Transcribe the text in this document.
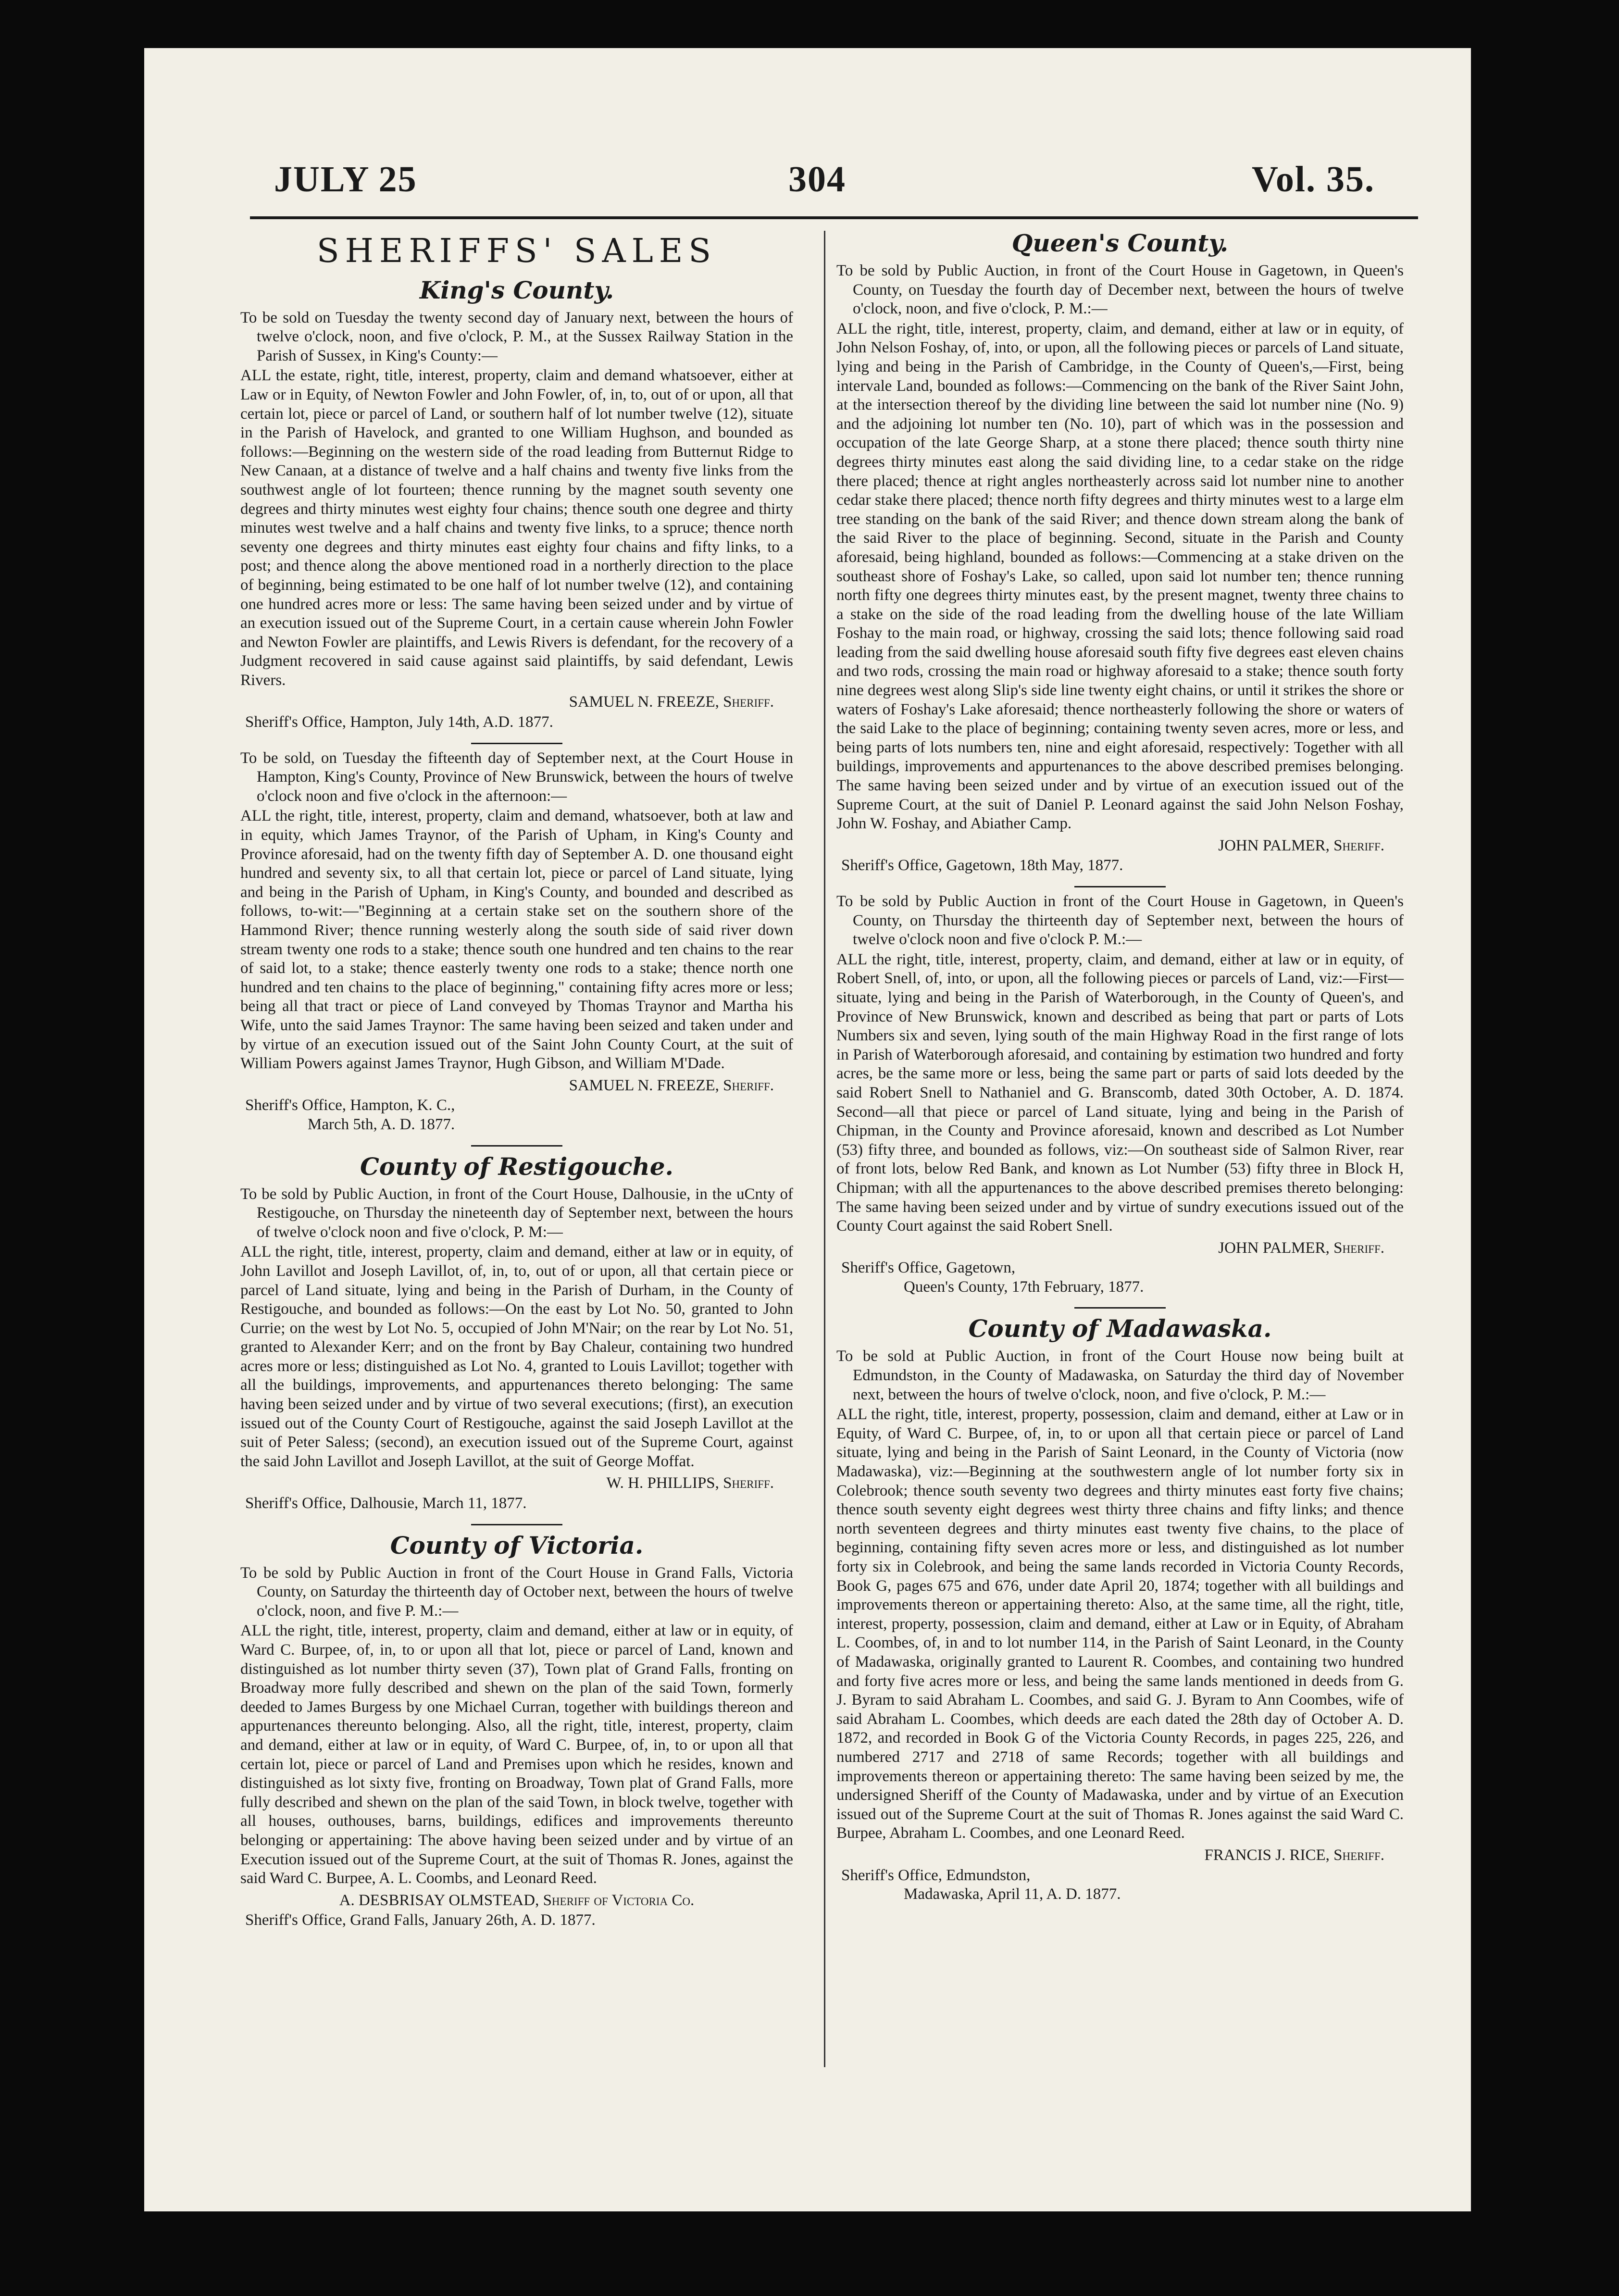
JULY 25	304	Vol. 35.
SHERIFFS' SALES
King's County.

To be sold on Tuesday the twenty second day of January next, between the hours of twelve o'clock, noon, and five o'clock, P. M., at the Sussex Railway Station in the Parish of Sussex, in King's County:—

ALL the estate, right, title, interest, property, claim and demand whatsoever, either at Law or in Equity, of Newton Fowler and John Fowler, of, in, to, out of or upon, all that certain lot, piece or parcel of Land, or southern half of lot number twelve (12), situate in the Parish of Havelock, and granted to one William Hughson, and bounded as follows:—Beginning on the western side of the road leading from Butternut Ridge to New Canaan, at a distance of twelve and a half chains and twenty five links from the southwest angle of lot fourteen; thence running by the magnet south seventy one degrees and thirty minutes west eighty four chains; thence south one degree and thirty minutes west twelve and a half chains and twenty five links, to a spruce; thence north seventy one degrees and thirty minutes east eighty four chains and fifty links, to a post; and thence along the above mentioned road in a northerly direction to the place of beginning, being estimated to be one half of lot number twelve (12), and containing one hundred acres more or less: The same having been seized under and by virtue of an execution issued out of the Supreme Court, in a certain cause wherein John Fowler and Newton Fowler are plaintiffs, and Lewis Rivers is defendant, for the recovery of a Judgment recovered in said cause against said plaintiffs, by said defendant, Lewis Rivers.

SAMUEL N. FREEZE, Sheriff.

Sheriff's Office, Hampton, July 14th, A.D. 1877.

To be sold, on Tuesday the fifteenth day of September next, at the Court House in Hampton, King's County, Province of New Brunswick, between the hours of twelve o'clock noon and five o'clock in the afternoon:—

ALL the right, title, interest, property, claim and demand, whatsoever, both at law and in equity, which James Traynor, of the Parish of Upham, in King's County and Province aforesaid, had on the twenty fifth day of September A. D. one thousand eight hundred and seventy six, to all that certain lot, piece or parcel of Land situate, lying and being in the Parish of Upham, in King's County, and bounded and described as follows, to-wit:—"Beginning at a certain stake set on the southern shore of the Hammond River; thence running westerly along the south side of said river down stream twenty one rods to a stake; thence south one hundred and ten chains to the rear of said lot, to a stake; thence easterly twenty one rods to a stake; thence north one hundred and ten chains to the place of beginning," containing fifty acres more or less; being all that tract or piece of Land conveyed by Thomas Traynor and Martha his Wife, unto the said James Traynor: The same having been seized and taken under and by virtue of an execution issued out of the Saint John County Court, at the suit of William Powers against James Traynor, Hugh Gibson, and William M'Dade.

SAMUEL N. FREEZE, Sheriff.

Sheriff's Office, Hampton, K. C.,
March 5th, A. D. 1877.

County of Restigouche.

To be sold by Public Auction, in front of the Court House, Dalhousie, in the uCnty of Restigouche, on Thursday the nineteenth day of September next, between the hours of twelve o'clock noon and five o'clock, P. M:—

ALL the right, title, interest, property, claim and demand, either at law or in equity, of John Lavillot and Joseph Lavillot, of, in, to, out of or upon, all that certain piece or parcel of Land situate, lying and being in the Parish of Durham, in the County of Restigouche, and bounded as follows:—On the east by Lot No. 50, granted to John Currie; on the west by Lot No. 5, occupied of John M'Nair; on the rear by Lot No. 51, granted to Alexander Kerr; and on the front by Bay Chaleur, containing two hundred acres more or less; distinguished as Lot No. 4, granted to Louis Lavillot; together with all the buildings, improvements, and appurtenances thereto belonging: The same having been seized under and by virtue of two several executions; (first), an execution issued out of the County Court of Restigouche, against the said Joseph Lavillot at the suit of Peter Saless; (second), an execution issued out of the Supreme Court, against the said John Lavillot and Joseph Lavillot, at the suit of George Moffat.

W. H. PHILLIPS, Sheriff.

Sheriff's Office, Dalhousie, March 11, 1877.

County of Victoria.

To be sold by Public Auction in front of the Court House in Grand Falls, Victoria County, on Saturday the thirteenth day of October next, between the hours of twelve o'clock, noon, and five P. M.:—

ALL the right, title, interest, property, claim and demand, either at law or in equity, of Ward C. Burpee, of, in, to or upon all that lot, piece or parcel of Land, known and distinguished as lot number thirty seven (37), Town plat of Grand Falls, fronting on Broadway more fully described and shewn on the plan of the said Town, formerly deeded to James Burgess by one Michael Curran, together with buildings thereon and appurtenances thereunto belonging. Also, all the right, title, interest, property, claim and demand, either at law or in equity, of Ward C. Burpee, of, in, to or upon all that certain lot, piece or parcel of Land and Premises upon which he resides, known and distinguished as lot sixty five, fronting on Broadway, Town plat of Grand Falls, more fully described and shewn on the plan of the said Town, in block twelve, together with all houses, outhouses, barns, buildings, edifices and improvements thereunto belonging or appertaining: The above having been seized under and by virtue of an Execution issued out of the Supreme Court, at the suit of Thomas R. Jones, against the said Ward C. Burpee, A. L. Coombs, and Leonard Reed.

A. DESBRISAY OLMSTEAD, Sheriff of Victoria Co.

Sheriff's Office, Grand Falls, January 26th, A. D. 1877.

Queen's County.

To be sold by Public Auction, in front of the Court House in Gagetown, in Queen's County, on Tuesday the fourth day of December next, between the hours of twelve o'clock, noon, and five o'clock, P. M.:—

ALL the right, title, interest, property, claim, and demand, either at law or in equity, of John Nelson Foshay, of, into, or upon, all the following pieces or parcels of Land situate, lying and being in the Parish of Cambridge, in the County of Queen's,—First, being intervale Land, bounded as follows:—Commencing on the bank of the River Saint John, at the intersection thereof by the dividing line between the said lot number nine (No. 9) and the adjoining lot number ten (No. 10), part of which was in the possession and occupation of the late George Sharp, at a stone there placed; thence south thirty nine degrees thirty minutes east along the said dividing line, to a cedar stake on the ridge there placed; thence at right angles northeasterly across said lot number nine to another cedar stake there placed; thence north fifty degrees and thirty minutes west to a large elm tree standing on the bank of the said River; and thence down stream along the bank of the said River to the place of beginning. Second, situate in the Parish and County aforesaid, being highland, bounded as follows:—Commencing at a stake driven on the southeast shore of Foshay's Lake, so called, upon said lot number ten; thence running north fifty one degrees thirty minutes east, by the present magnet, twenty three chains to a stake on the side of the road leading from the dwelling house of the late William Foshay to the main road, or highway, crossing the said lots; thence following said road leading from the said dwelling house aforesaid south fifty five degrees east eleven chains and two rods, crossing the main road or highway aforesaid to a stake; thence south forty nine degrees west along Slip's side line twenty eight chains, or until it strikes the shore or waters of Foshay's Lake aforesaid; thence northeasterly following the shore or waters of the said Lake to the place of beginning; containing twenty seven acres, more or less, and being parts of lots numbers ten, nine and eight aforesaid, respectively: Together with all buildings, improvements and appurtenances to the above described premises belonging. The same having been seized under and by virtue of an execution issued out of the Supreme Court, at the suit of Daniel P. Leonard against the said John Nelson Foshay, John W. Foshay, and Abiather Camp.

JOHN PALMER, Sheriff.

Sheriff's Office, Gagetown, 18th May, 1877.

To be sold by Public Auction in front of the Court House in Gagetown, in Queen's County, on Thursday the thirteenth day of September next, between the hours of twelve o'clock noon and five o'clock P. M.:—

ALL the right, title, interest, property, claim, and demand, either at law or in equity, of Robert Snell, of, into, or upon, all the following pieces or parcels of Land, viz:—First—situate, lying and being in the Parish of Waterborough, in the County of Queen's, and Province of New Brunswick, known and described as being that part or parts of Lots Numbers six and seven, lying south of the main Highway Road in the first range of lots in Parish of Waterborough aforesaid, and containing by estimation two hundred and forty acres, be the same more or less, being the same part or parts of said lots deeded by the said Robert Snell to Nathaniel and G. Branscomb, dated 30th October, A. D. 1874. Second—all that piece or parcel of Land situate, lying and being in the Parish of Chipman, in the County and Province aforesaid, known and described as Lot Number (53) fifty three, and bounded as follows, viz:—On southeast side of Salmon River, rear of front lots, below Red Bank, and known as Lot Number (53) fifty three in Block H, Chipman; with all the appurtenances to the above described premises thereto belonging: The same having been seized under and by virtue of sundry executions issued out of the County Court against the said Robert Snell.

JOHN PALMER, Sheriff.

Sheriff's Office, Gagetown,
Queen's County, 17th February, 1877.

County of Madawaska.

To be sold at Public Auction, in front of the Court House now being built at Edmundston, in the County of Madawaska, on Saturday the third day of November next, between the hours of twelve o'clock, noon, and five o'clock, P. M.:—

ALL the right, title, interest, property, possession, claim and demand, either at Law or in Equity, of Ward C. Burpee, of, in, to or upon all that certain piece or parcel of Land situate, lying and being in the Parish of Saint Leonard, in the County of Victoria (now Madawaska), viz:—Beginning at the southwestern angle of lot number forty six in Colebrook; thence south seventy two degrees and thirty minutes east forty five chains; thence south seventy eight degrees west thirty three chains and fifty links; and thence north seventeen degrees and thirty minutes east twenty five chains, to the place of beginning, containing fifty seven acres more or less, and distinguished as lot number forty six in Colebrook, and being the same lands recorded in Victoria County Records, Book G, pages 675 and 676, under date April 20, 1874; together with all buildings and improvements thereon or appertaining thereto: Also, at the same time, all the right, title, interest, property, possession, claim and demand, either at Law or in Equity, of Abraham L. Coombes, of, in and to lot number 114, in the Parish of Saint Leonard, in the County of Madawaska, originally granted to Laurent R. Coombes, and containing two hundred and forty five acres more or less, and being the same lands mentioned in deeds from G. J. Byram to said Abraham L. Coombes, and said G. J. Byram to Ann Coombes, wife of said Abraham L. Coombes, which deeds are each dated the 28th day of October A. D. 1872, and recorded in Book G of the Victoria County Records, in pages 225, 226, and numbered 2717 and 2718 of same Records; together with all buildings and improvements thereon or appertaining thereto: The same having been seized by me, the undersigned Sheriff of the County of Madawaska, under and by virtue of an Execution issued out of the Supreme Court at the suit of Thomas R. Jones against the said Ward C. Burpee, Abraham L. Coombes, and one Leonard Reed.

FRANCIS J. RICE, Sheriff.

Sheriff's Office, Edmundston,
Madawaska, April 11, A. D. 1877.
